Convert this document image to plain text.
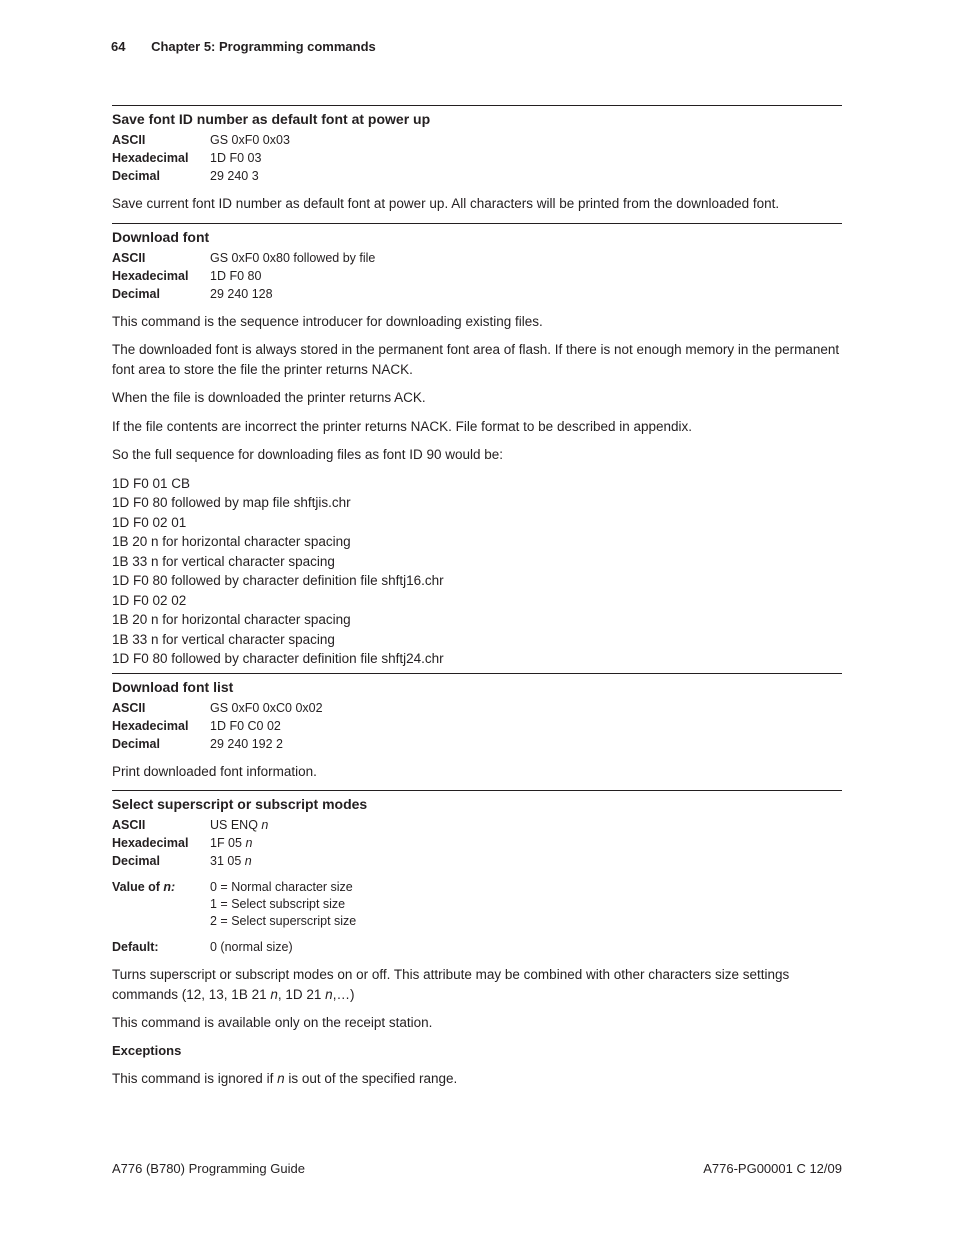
64 Chapter 5: Programming commands
Save font ID number as default font at power up
ASCII	GS 0xF0 0x03
Hexadecimal	1D F0 03
Decimal	29 240 3

Save current font ID number as default font at power up. All characters will be printed from the downloaded font.

Download font
ASCII	GS 0xF0 0x80 followed by file
Hexadecimal	1D F0 80
Decimal	29 240 128

This command is the sequence introducer for downloading existing files.

The downloaded font is always stored in the permanent font area of flash. If there is not enough memory in the permanent font area to store the file the printer returns NACK.

When the file is downloaded the printer returns ACK.

If the file contents are incorrect the printer returns NACK. File format to be described in appendix.

So the full sequence for downloading files as font ID 90 would be:

1D F0 01 CB
1D F0 80 followed by map file shftjis.chr
1D F0 02 01
1B 20 n for horizontal character spacing
1B 33 n for vertical character spacing
1D F0 80 followed by character definition file shftj16.chr
1D F0 02 02
1B 20 n for horizontal character spacing
1B 33 n for vertical character spacing
1D F0 80 followed by character definition file shftj24.chr
Download font list
ASCII	GS 0xF0 0xC0 0x02
Hexadecimal	1D F0 C0 02
Decimal	29 240 192 2

Print downloaded font information.

Select superscript or subscript modes
ASCII	US ENQ n
Hexadecimal	1F 05 n
Decimal	31 05 n
Value of n:	0 = Normal character size
1 = Select subscript size
2 = Select superscript size
Default:	0 (normal size)

Turns superscript or subscript modes on or off. This attribute may be combined with other characters size settings commands (12, 13, 1B 21 n, 1D 21 n,…)

This command is available only on the receipt station.

Exceptions

This command is ignored if n is out of the specified range.

A776 (B780) Programming Guide	A776-PG00001 C 12/09
